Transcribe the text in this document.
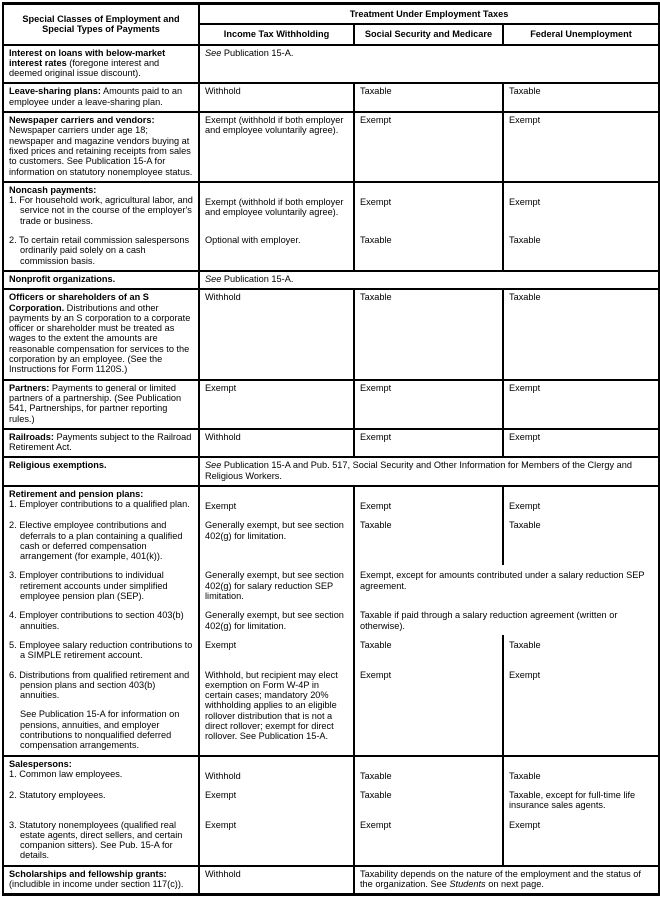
Special Classes of Employment and Special Types of Payments	Treatment Under Employment Taxes		
	Income Tax Withholding	Social Security and Medicare	Federal Unemployment
Interest on loans with below-market interest rates (foregone interest and deemed original issue discount).	See Publication 15-A.		
Leave-sharing plans: Amounts paid to an employee under a leave-sharing plan.	Withhold	Taxable	Taxable
Newspaper carriers and vendors: Newspaper carriers under age 18; newspaper and magazine vendors buying at fixed prices and retaining receipts from sales to customers. See Publication 15-A for information on statutory nonemployee status.	Exempt (withhold if both employer and employee voluntarily agree).	Exempt	Exempt

Noncash payments:
1. For household work, agricultural labor, and service not in the course of the employer's trade or business.	Exempt (withhold if both employer and employee voluntarily agree).	Exempt	Exempt

2. To certain retail commission salespersons ordinarily paid solely on a cash commission basis.	Optional with employer.	Taxable	Taxable
Nonprofit organizations.	See Publication 15-A.		
Officers or shareholders of an S Corporation. Distributions and other payments by an S corporation to a corporate officer or shareholder must be treated as wages to the extent the amounts are reasonable compensation for services to the corporation by an employee. (See the Instructions for Form 1120S.)	Withhold	Taxable	Taxable
Partners: Payments to general or limited partners of a partnership. (See Publication 541, Partnerships, for partner reporting rules.)	Exempt	Exempt	Exempt
Railroads: Payments subject to the Railroad Retirement Act.	Withhold	Exempt	Exempt
Religious exemptions.	See Publication 15-A and Pub. 517, Social Security and Other Information for Members of the Clergy and Religious Workers.		

Retirement and pension plans:
1. Employer contributions to a qualified plan.	Exempt	Exempt	Exempt

2. Elective employee contributions and deferrals to a plan containing a qualified cash or deferred compensation arrangement (for example, 401(k)).	Generally exempt, but see section 402(g) for limitation.	Taxable	Taxable

3. Employer contributions to individual retirement accounts under simplified employee pension plan (SEP).	Generally exempt, but see section 402(g) for salary reduction SEP limitation.	Exempt, except for amounts contributed under a salary reduction SEP agreement.	

4. Employer contributions to section 403(b) annuities.	Generally exempt, but see section 402(g) for limitation.	Taxable if paid through a salary reduction agreement (written or otherwise).	

5. Employee salary reduction contributions to a SIMPLE retirement account.	Exempt	Taxable	Taxable

6. Distributions from qualified retirement and pension plans and section 403(b) annuities.
See Publication 15-A for information on pensions, annuities, and employer contributions to nonqualified deferred compensation arrangements.
	Withhold, but recipient may elect exemption on Form W-4P in certain cases; mandatory 20% withholding applies to an eligible rollover distribution that is not a direct rollover; exempt for direct rollover. See Publication 15-A.	Exempt	Exempt

Salespersons:
1. Common law employees.	Withhold	Taxable	Taxable

2. Statutory employees.	Exempt	Taxable	Taxable, except for full-time life insurance sales agents.

3. Statutory nonemployees (qualified real estate agents, direct sellers, and certain companion sitters). See Pub. 15-A for details.	Exempt	Exempt	Exempt
Scholarships and fellowship grants: (includible in income under section 117(c)).	Withhold	Taxability depends on the nature of the employment and the status of the organization. See Students on next page.	
